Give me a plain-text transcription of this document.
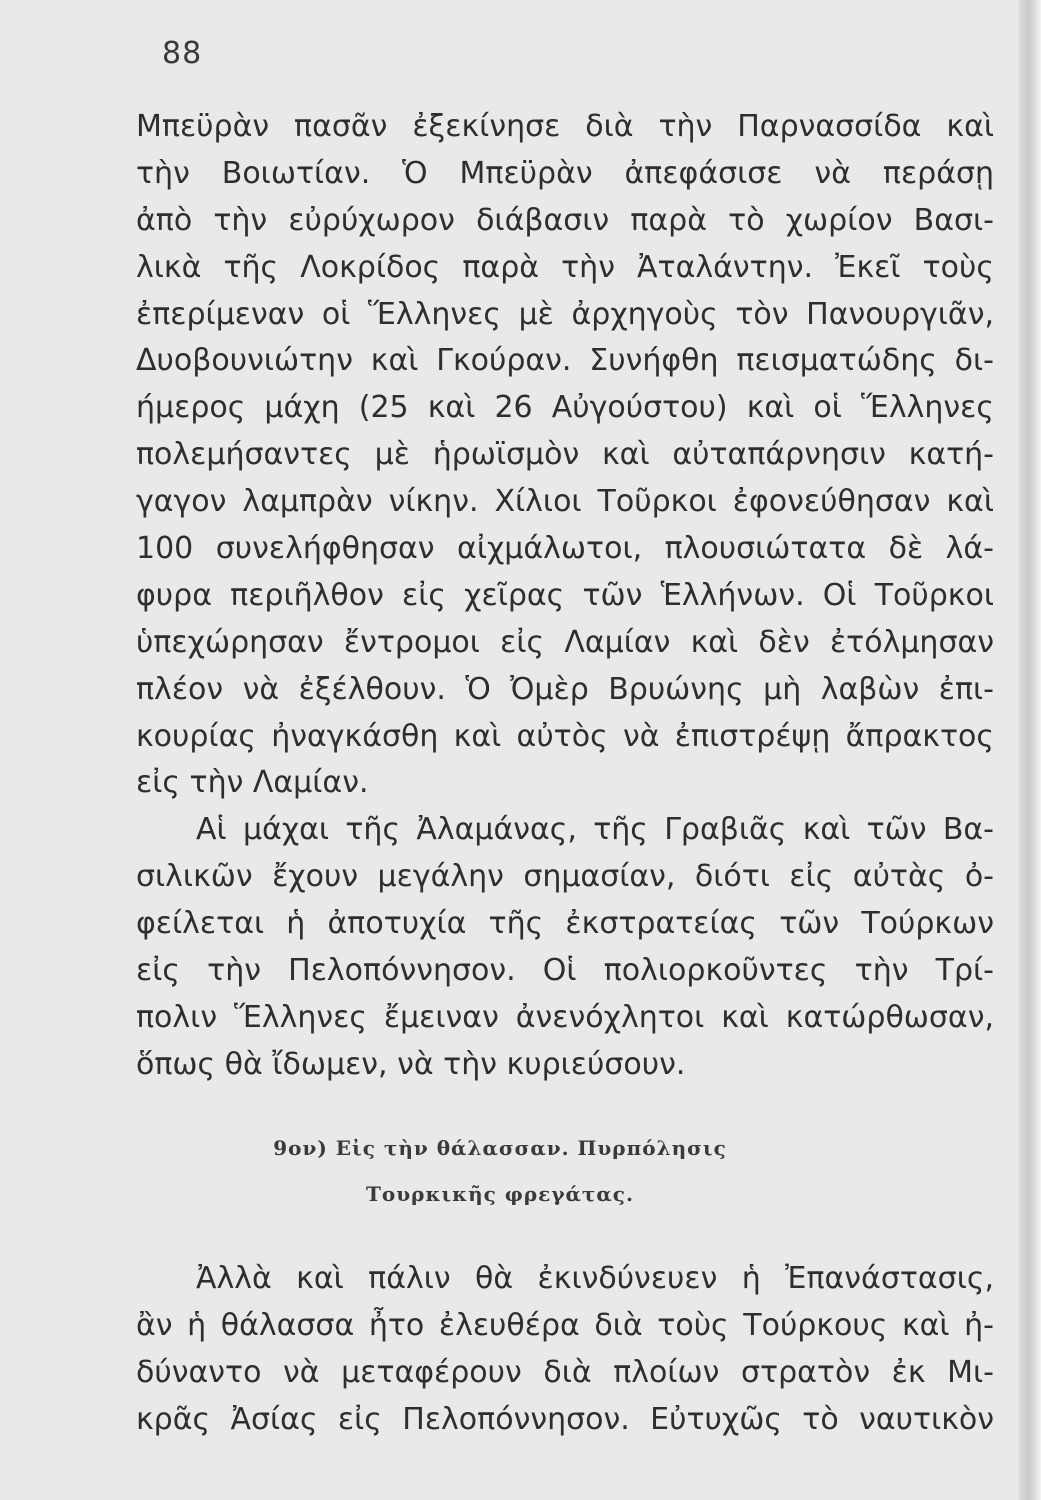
88
Μπεϋρὰν πασᾶν ἐξεκίνησε διὰ τὴν Παρνασσίδα καὶ
τὴν Βοιωτίαν. Ὁ Μπεϋρὰν ἀπεφάσισε νὰ περάσῃ
ἀπὸ τὴν εὐρύχωρον διάβασιν παρὰ τὸ χωρίον Βασι-
λικὰ τῆς Λοκρίδος παρὰ τὴν Ἀταλάντην. Ἐκεῖ τοὺς
ἐπερίμεναν οἱ Ἕλληνες μὲ ἀρχηγοὺς τὸν Πανουργιᾶν,
Δυοβουνιώτην καὶ Γκούραν. Συνήφθη πεισματώδης δι-
ήμερος μάχη (25 καὶ 26 Αὐγούστου) καὶ οἱ Ἕλληνες
πολεμήσαντες μὲ ἡρωϊσμὸν καὶ αὐταπάρνησιν κατή-
γαγον λαμπρὰν νίκην. Χίλιοι Τοῦρκοι ἐφονεύθησαν καὶ
100 συνελήφθησαν αἰχμάλωτοι, πλουσιώτατα δὲ λά-
φυρα περιῆλθον εἰς χεῖρας τῶν Ἑλλήνων. Οἱ Τοῦρκοι
ὑπεχώρησαν ἔντρομοι εἰς Λαμίαν καὶ δὲν ἐτόλμησαν
πλέον νὰ ἐξέλθουν. Ὁ Ὀμὲρ Βρυώνης μὴ λαβὼν ἐπι-
κουρίας ἠναγκάσθη καὶ αὐτὸς νὰ ἐπιστρέψῃ ἄπρακτος
εἰς τὴν Λαμίαν.
Αἱ μάχαι τῆς Ἀλαμάνας, τῆς Γραβιᾶς καὶ τῶν Βα-
σιλικῶν ἔχουν μεγάλην σημασίαν, διότι εἰς αὐτὰς ὀ-
φείλεται ἡ ἀποτυχία τῆς ἐκστρατείας τῶν Τούρκων
εἰς τὴν Πελοπόννησον. Οἱ πολιορκοῦντες τὴν Τρί-
πολιν Ἕλληνες ἔμειναν ἀνενόχλητοι καὶ κατώρθωσαν,
ὅπως θὰ ἴδωμεν, νὰ τὴν κυριεύσουν.
9ον) Εἰς τὴν θάλασσαν. Πυρπόλησις
Τουρκικῆς φρεγάτας.
Ἀλλὰ καὶ πάλιν θὰ ἐκινδύνευεν ἡ Ἐπανάστασις,
ἂν ἡ θάλασσα ἦτο ἐλευθέρα διὰ τοὺς Τούρκους καὶ ἠ-
δύναντο νὰ μεταφέρουν διὰ πλοίων στρατὸν ἐκ Μι-
κρᾶς Ἀσίας εἰς Πελοπόννησον. Εὐτυχῶς τὸ ναυτικὸν
